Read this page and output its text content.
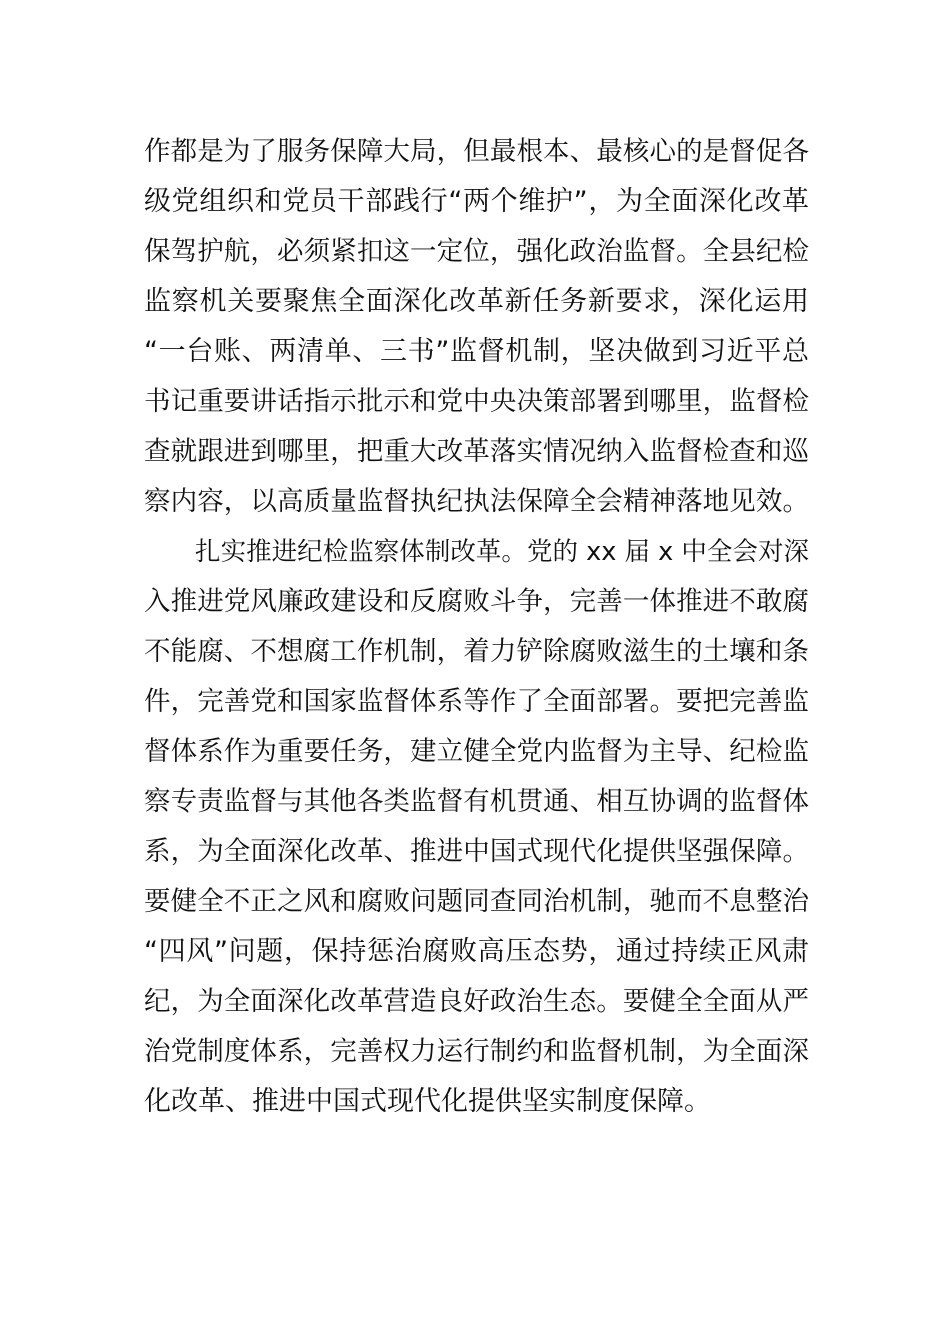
作都是为了服务保障大局，但最根本、最核心的是督促各
级党组织和党员干部践行“两个维护”，为全面深化改革
保驾护航，必须紧扣这一定位，强化政治监督。全县纪检
监察机关要聚焦全面深化改革新任务新要求，深化运用
“一台账、两清单、三书”监督机制，坚决做到习近平总
书记重要讲话指示批示和党中央决策部署到哪里，监督检
查就跟进到哪里，把重大改革落实情况纳入监督检查和巡
察内容，以高质量监督执纪执法保障全会精神落地见效。
　　扎实推进纪检监察体制改革。党的 xx 届 x 中全会对深
入推进党风廉政建设和反腐败斗争，完善一体推进不敢腐
不能腐、不想腐工作机制，着力铲除腐败滋生的土壤和条
件，完善党和国家监督体系等作了全面部署。要把完善监
督体系作为重要任务，建立健全党内监督为主导、纪检监
察专责监督与其他各类监督有机贯通、相互协调的监督体
系，为全面深化改革、推进中国式现代化提供坚强保障。
要健全不正之风和腐败问题同查同治机制，驰而不息整治
“四风”问题，保持惩治腐败高压态势，通过持续正风肃
纪，为全面深化改革营造良好政治生态。要健全全面从严
治党制度体系，完善权力运行制约和监督机制，为全面深
化改革、推进中国式现代化提供坚实制度保障。
